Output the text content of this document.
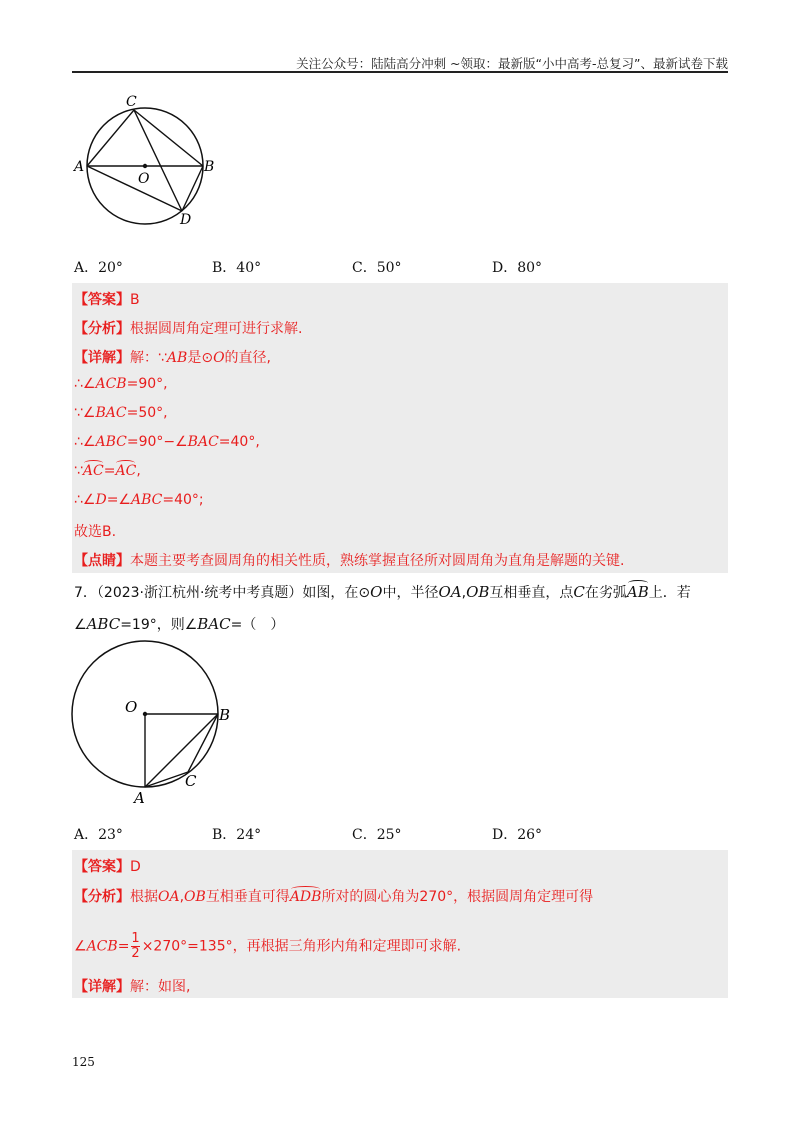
关注公众号：陆陆高分冲刺 ~领取：最新版“小中高考-总复习”、最新试卷下载
C
A	B
O
D
A．20°	B．40°	C．50°	D．80°
【答案】B
【分析】根据圆周角定理可进行求解.
【详解】解：∵AB是⊙O的直径,
∴∠ACB=90°,
∵∠BAC=50°,
∴∠ABC=90°−∠BAC=40°,
∵AC=AC,
∴∠D=∠ABC=40°;
故选B.
【点睛】本题主要考查圆周角的相关性质，熟练掌握直径所对圆周角为直角是解题的关键.
7．（2023·浙江杭州·统考中考真题）如图，在⊙O中，半径OA,OB互相垂直，点C在劣弧AB上．若
∠ABC=19°，则∠BAC=（　）
O	B
C
A
A．23°	B．24°	C．25°	D．26°
【答案】D
【分析】根据OA,OB互相垂直可得ADB所对的圆心角为270°，根据圆周角定理可得
∠ACB= $\frac{1}{2} \times 270^\circ=135^\circ$，再根据三角形内角和定理即可求解.
【详解】解：如图,
125
